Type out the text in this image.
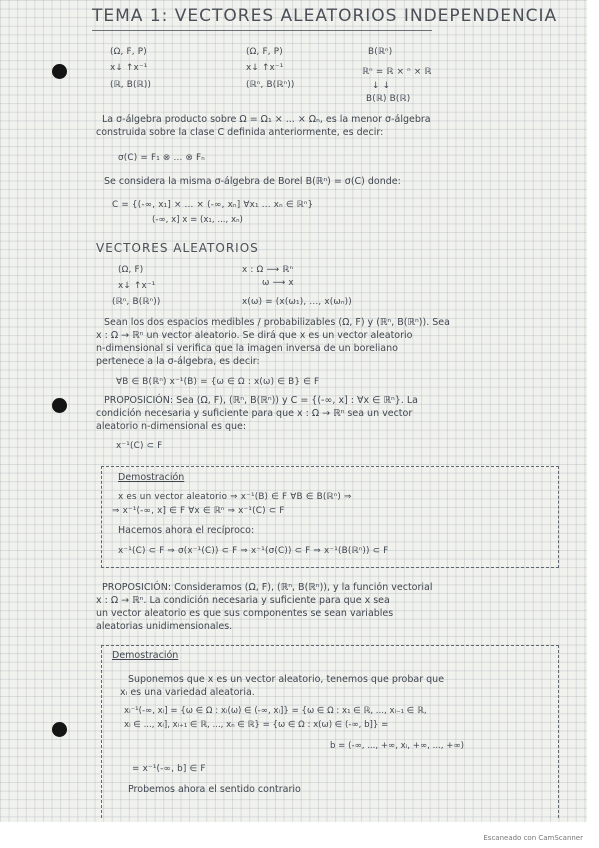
TEMA 1: VECTORES ALEATORIOS INDEPENDENCIA
(Ω, F, P)
x↓ ↑x⁻¹
(ℝ, B(ℝ))
(Ω, F, P)
x↓ ↑x⁻¹
(ℝⁿ, B(ℝⁿ))
B(ℝⁿ)
ℝⁿ = ℝ × ⁿ × ℝ
↓ ↓
B(ℝ) B(ℝ)
La σ-álgebra producto sobre Ω = Ω₁ × ... × Ωₙ, es la menor σ-álgebra
construida sobre la clase C definida anteriormente, es decir:
σ(C) = F₁ ⊗ ... ⊗ Fₙ
Se considera la misma σ-álgebra de Borel B(ℝⁿ) = σ(C) donde:
C = {(-∞, x₁] × ... × (-∞, xₙ] ∀x₁ ... xₙ ∈ ℝⁿ}
(-∞, x] x = (x₁, ..., xₙ)
VECTORES ALEATORIOS
(Ω, F)
x↓ ↑x⁻¹
(ℝⁿ, B(ℝⁿ))
x : Ω ⟶ ℝⁿ
ω ⟶ x
x(ω) = (x(ω₁), ..., x(ωₙ))
Sean los dos espacios medibles / probabilizables (Ω, F) y (ℝⁿ, B(ℝⁿ)). Sea
x : Ω → ℝⁿ un vector aleatorio. Se dirá que x es un vector aleatorio
n-dimensional si verifica que la imagen inversa de un boreliano
pertenece a la σ-álgebra, es decir:
∀B ∈ B(ℝⁿ) x⁻¹(B) = {ω ∈ Ω : x(ω) ∈ B} ∈ F
PROPOSICIÓN: Sea (Ω, F), (ℝⁿ, B(ℝⁿ)) y C = {(-∞, x] : ∀x ∈ ℝⁿ}. La
condición necesaria y suficiente para que x : Ω → ℝⁿ sea un vector
aleatorio n-dimensional es que:
x⁻¹(C) ⊂ F
Demostración
x es un vector aleatorio ⇒ x⁻¹(B) ∈ F ∀B ∈ B(ℝⁿ) ⇒
⇒ x⁻¹(-∞, x] ∈ F ∀x ∈ ℝⁿ ⇒ x⁻¹(C) ⊂ F
Hacemos ahora el recíproco:
x⁻¹(C) ⊂ F ⇒ σ(x⁻¹(C)) ⊂ F ⇒ x⁻¹(σ(C)) ⊂ F ⇒ x⁻¹(B(ℝⁿ)) ⊂ F
PROPOSICIÓN: Consideramos (Ω, F), (ℝⁿ, B(ℝⁿ)), y la función vectorial
x : Ω → ℝⁿ. La condición necesaria y suficiente para que x sea
un vector aleatorio es que sus componentes se sean variables
aleatorias unidimensionales.
Demostración
Suponemos que x es un vector aleatorio, tenemos que probar que
xᵢ es una variedad aleatoria.
xᵢ⁻¹(-∞, xᵢ] = {ω ∈ Ω : xᵢ(ω) ∈ (-∞, xᵢ]} = {ω ∈ Ω : x₁ ∈ ℝ, ..., xᵢ₋₁ ∈ ℝ,
xᵢ ∈ ..., xᵢ], xᵢ₊₁ ∈ ℝ, ..., xₙ ∈ ℝ} = {ω ∈ Ω : x(ω) ∈ (-∞, b]} =
b = (-∞, ..., +∞, xᵢ, +∞, ..., +∞)
= x⁻¹(-∞, b] ∈ F
Probemos ahora el sentido contrario
Escaneado con CamScanner
